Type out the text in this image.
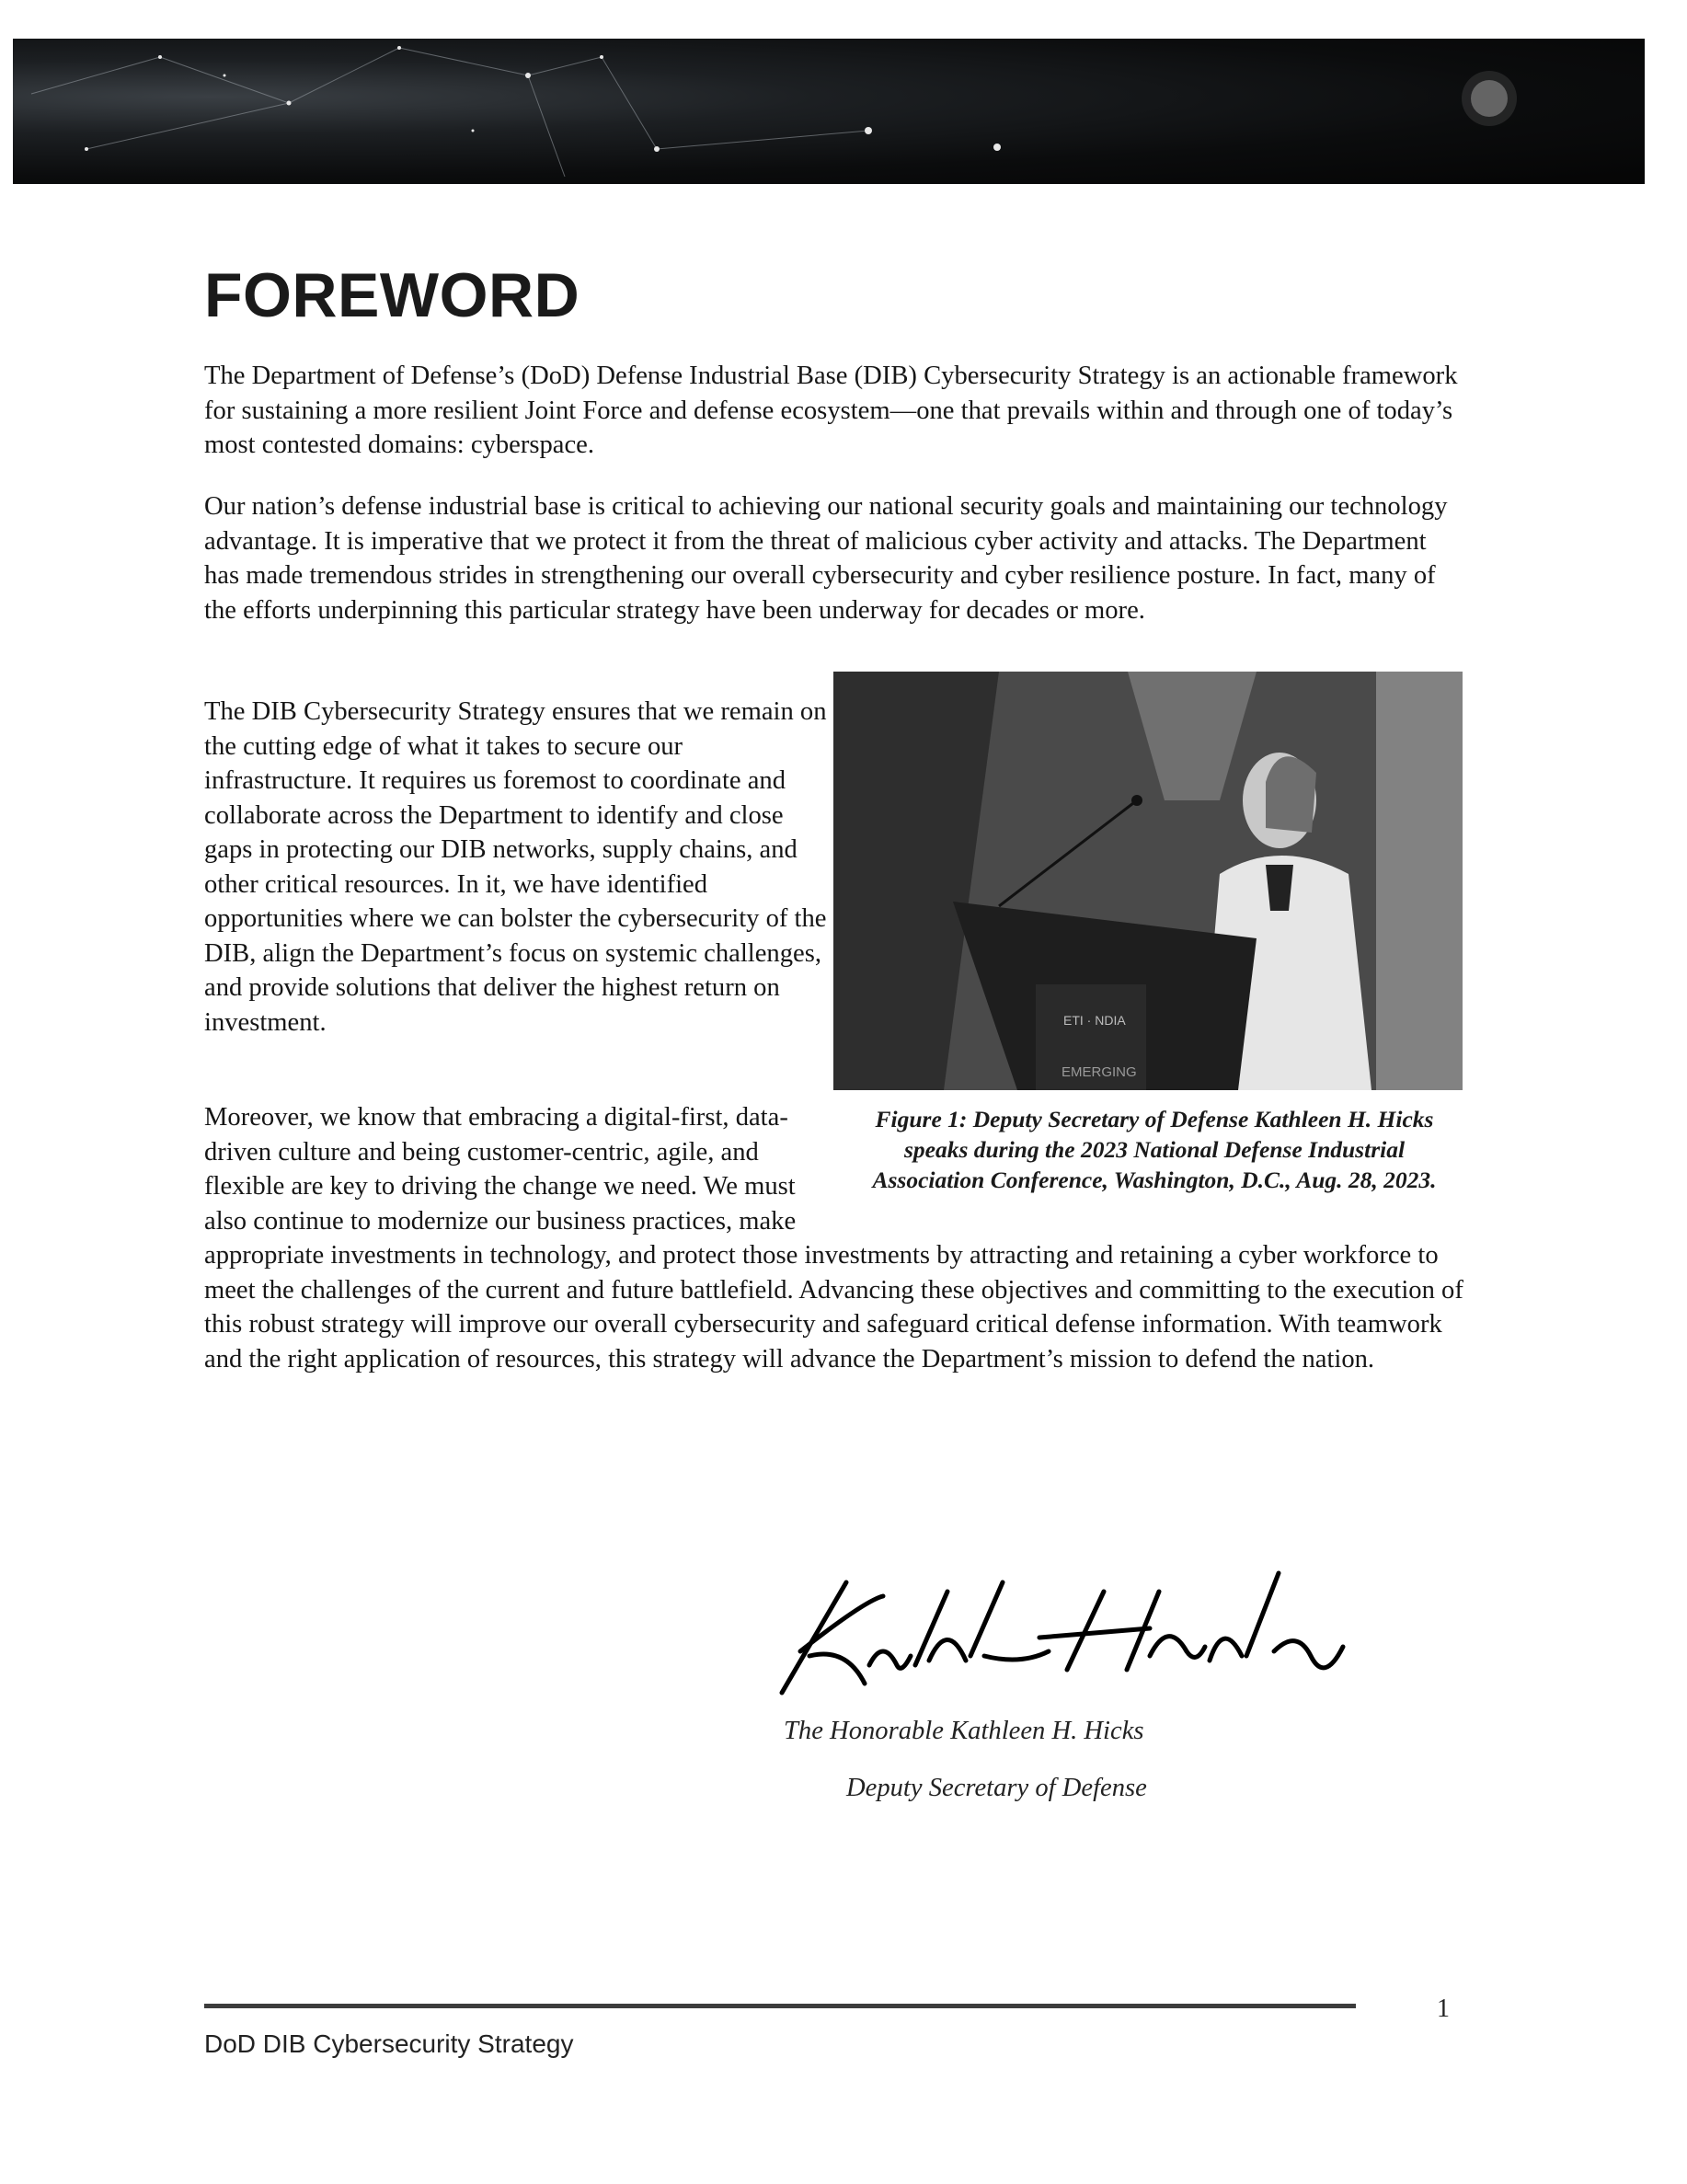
FOREWORD

The Department of Defense’s (DoD) Defense Industrial Base (DIB) Cybersecurity Strategy is an actionable framework for sustaining a more resilient Joint Force and defense ecosystem—one that prevails within and through one of today’s most contested domains: cyberspace.

Our nation’s defense industrial base is critical to achieving our national security goals and maintaining our technology advantage. It is imperative that we protect it from the threat of malicious cyber activity and attacks. The Department has made tremendous strides in strengthening our overall cybersecurity and cyber resilience posture. In fact, many of the efforts underpinning this particular strategy have been underway for decades or more.

The DIB Cybersecurity Strategy ensures that we remain on the cutting edge of what it takes to secure our infrastructure. It requires us foremost to coordinate and collaborate across the Department to identify and close gaps in protecting our DIB networks, supply chains, and other critical resources. In it, we have identified opportunities where we can bolster the cybersecurity of the DIB, align the Department’s focus on systemic challenges, and provide solutions that deliver the highest return on investment.	ETI · NDIA
EMERGING

Figure 1: Deputy Secretary of Defense Kathleen H. Hicks speaks during the 2023 National Defense Industrial Association Conference, Washington, D.C., Aug. 28, 2023.

Moreover, we know that embracing a digital-first, data-driven culture and being customer-centric, agile, and flexible are key to driving the change we need. We must also continue to modernize our business practices, make appropriate investments in technology, and protect those investments by attracting and retaining a cyber workforce to meet the challenges of the current and future battlefield. Advancing these objectives and committing to the execution of this robust strategy will improve our overall cybersecurity and safeguard critical defense information. With teamwork and the right application of resources, this strategy will advance the Department’s mission to defend the nation.

The Honorable Kathleen H. Hicks

Deputy Secretary of Defense

1

DoD DIB Cybersecurity Strategy
